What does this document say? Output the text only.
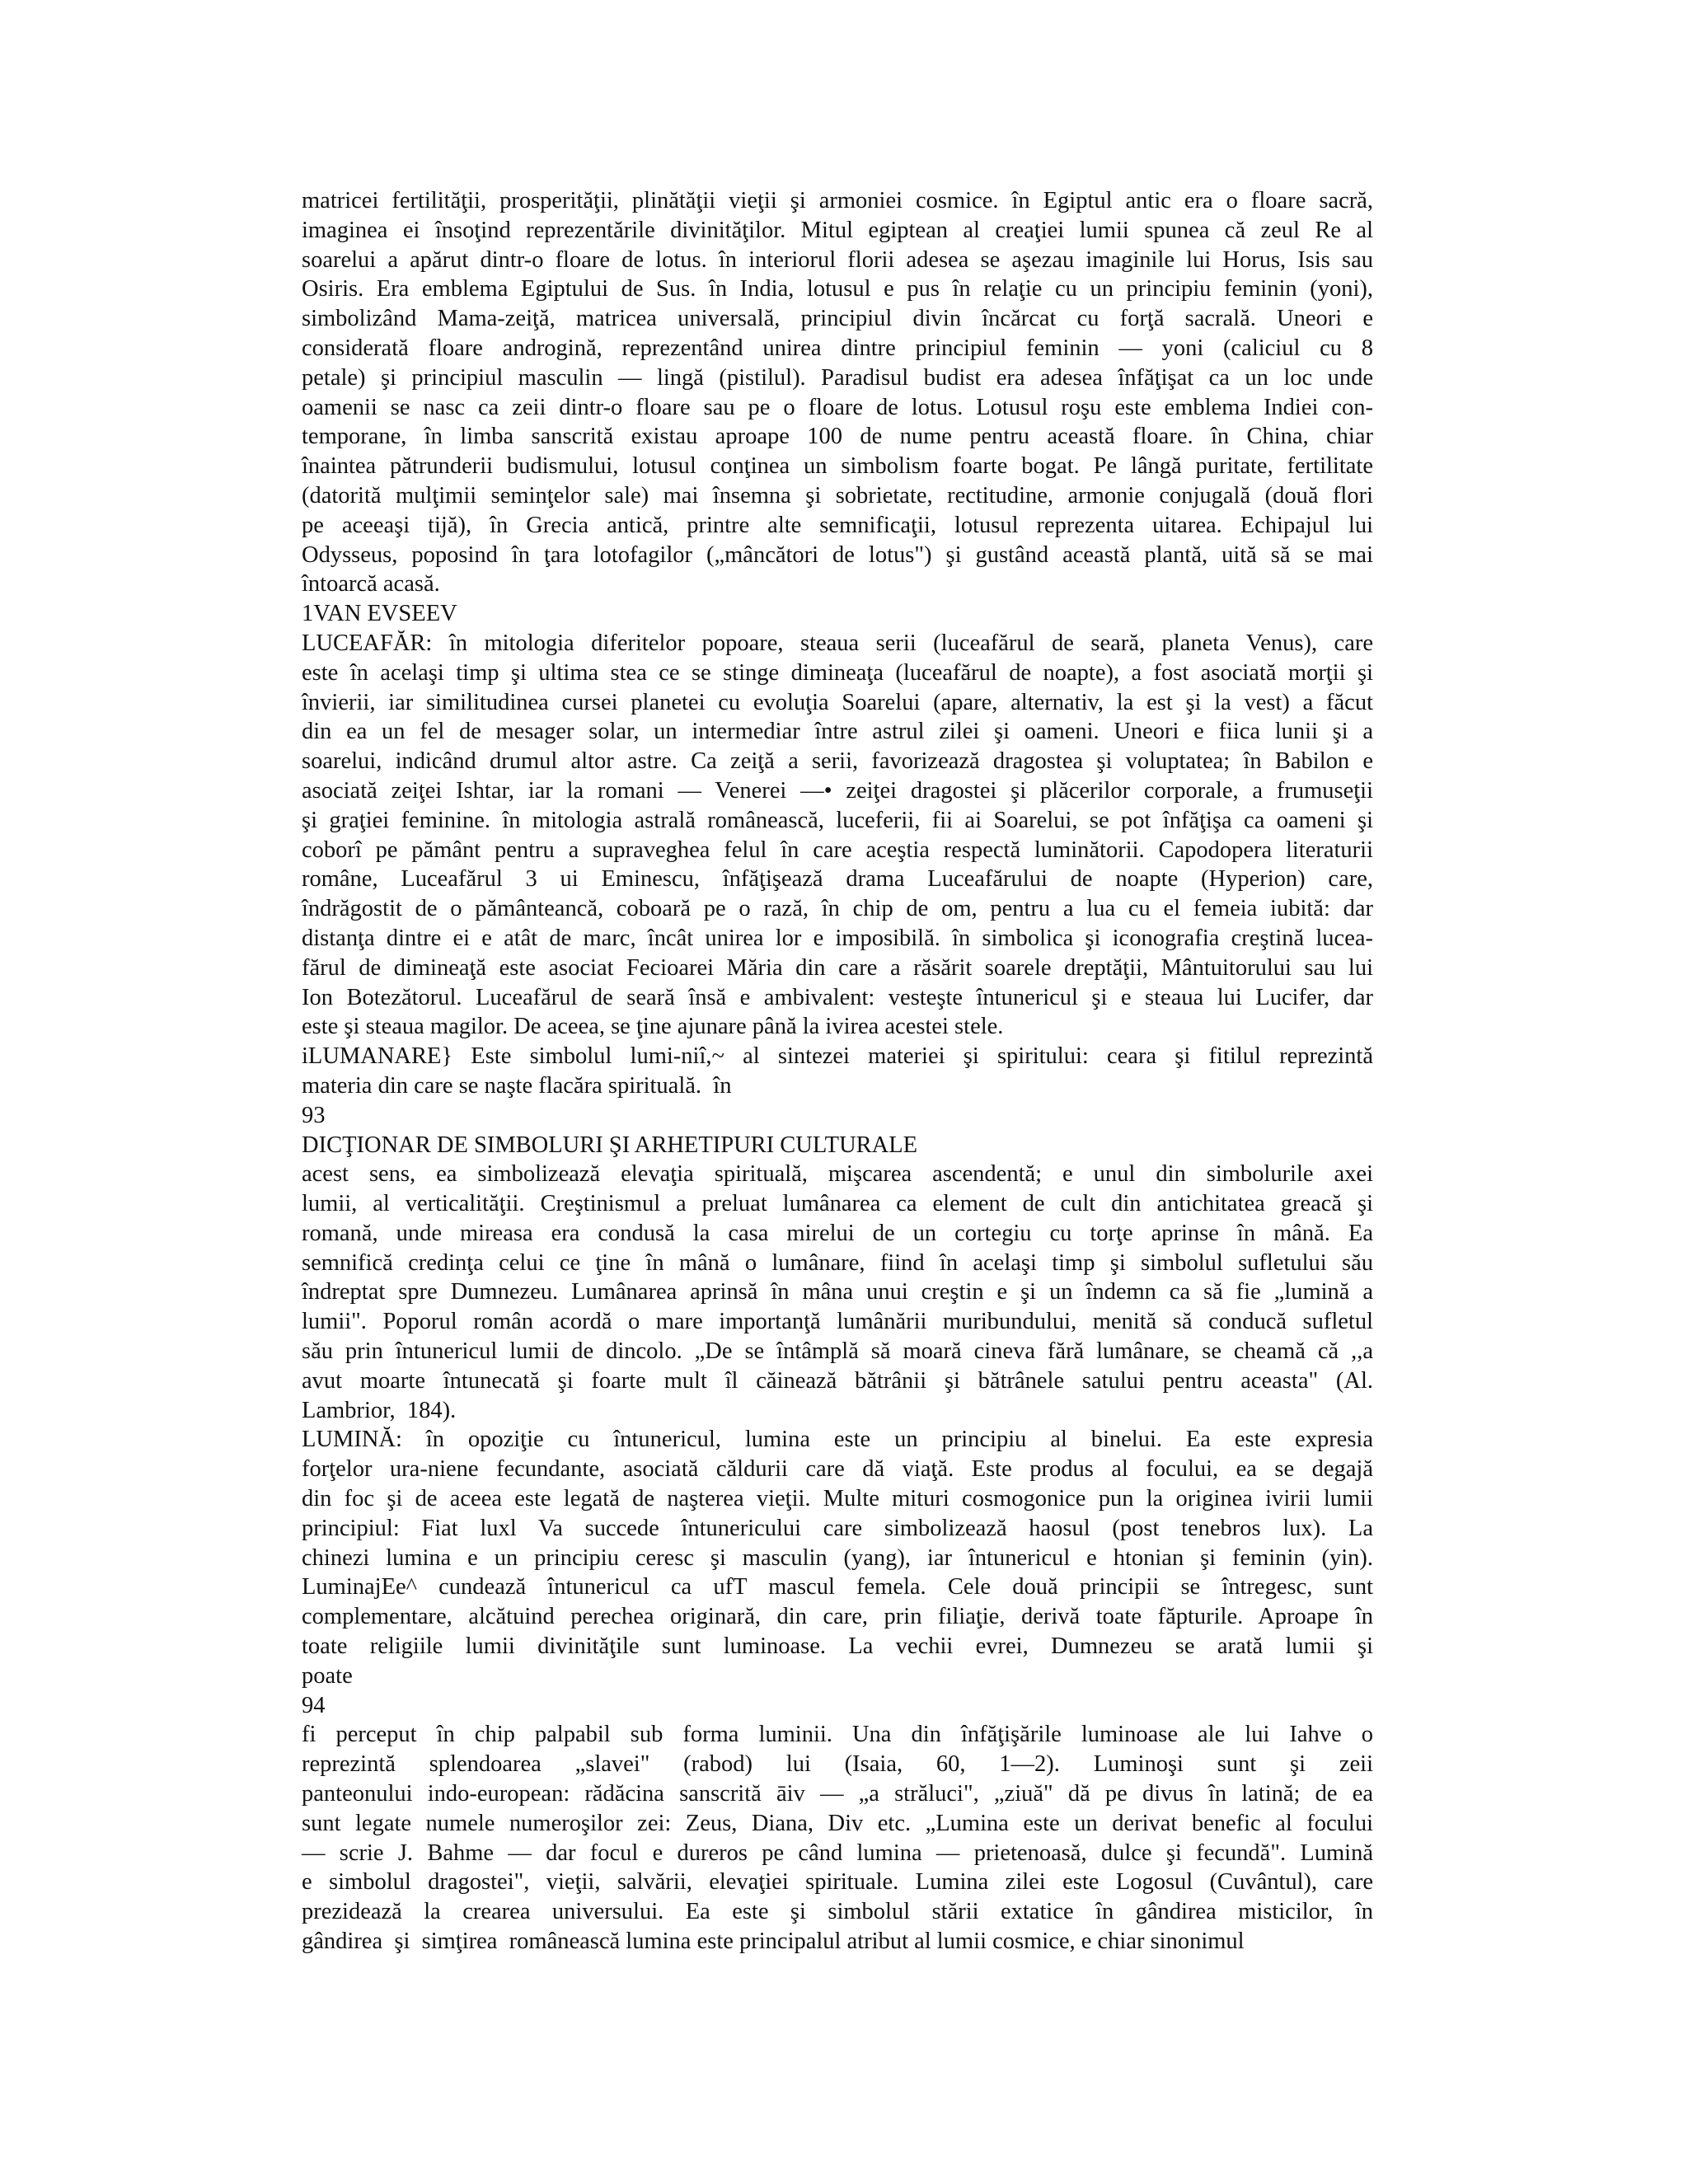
matricei fertilităţii, prosperităţii, plinătăţii vieţii şi armoniei cosmice. în Egiptul antic era o floare sacră,
imaginea ei însoţind reprezentările divinităţilor. Mitul egiptean al creaţiei lumii spunea că zeul Re al
soarelui a apărut dintr-o floare de lotus. în interiorul florii adesea se aşezau imaginile lui Horus, Isis sau
Osiris. Era emblema Egiptului de Sus. în India, lotusul e pus în relaţie cu un principiu feminin (yoni),
simbolizând Mama-zeiţă, matricea universală, principiul divin încărcat cu forţă sacrală. Uneori e
considerată floare androgină, reprezentând unirea dintre principiul feminin — yoni (caliciul cu 8
petale) şi principiul masculin — lingă (pistilul). Paradisul budist era adesea înfăţişat ca un loc unde
oamenii se nasc ca zeii dintr-o floare sau pe o floare de lotus. Lotusul roşu este emblema Indiei con-
temporane, în limba sanscrită existau aproape 100 de nume pentru această floare. în China, chiar
înaintea pătrunderii budismului, lotusul conţinea un simbolism foarte bogat. Pe lângă puritate, fertilitate
(datorită mulţimii seminţelor sale) mai însemna şi sobrietate, rectitudine, armonie conjugală (două flori
pe aceeaşi tijă), în Grecia antică, printre alte semnificaţii, lotusul reprezenta uitarea. Echipajul lui
Odysseus, poposind în ţara lotofagilor („mâncători de lotus") şi gustând această plantă, uită să se mai
întoarcă acasă.
1VAN EVSEEV
LUCEAFĂR: în mitologia diferitelor popoare, steaua serii (luceafărul de seară, planeta Venus), care
este în acelaşi timp şi ultima stea ce se stinge dimineaţa (luceafărul de noapte), a fost asociată morţii şi
învierii, iar similitudinea cursei planetei cu evoluţia Soarelui (apare, alternativ, la est şi la vest) a făcut
din ea un fel de mesager solar, un intermediar între astrul zilei şi oameni. Uneori e fiica lunii şi a
soarelui, indicând drumul altor astre. Ca zeiţă a serii, favorizează dragostea şi voluptatea; în Babilon e
asociată zeiţei Ishtar, iar la romani — Venerei —• zeiţei dragostei şi plăcerilor corporale, a frumuseţii
şi graţiei feminine. în mitologia astrală românească, luceferii, fii ai Soarelui, se pot înfăţişa ca oameni şi
coborî pe pământ pentru a supraveghea felul în care aceştia respectă luminătorii. Capodopera literaturii
române, Luceafărul 3 ui Eminescu, înfăţişează drama Luceafărului de noapte (Hyperion) care,
îndrăgostit de o pământeancă, coboară pe o rază, în chip de om, pentru a lua cu el femeia iubită: dar
distanţa dintre ei e atât de marc, încât unirea lor e imposibilă. în simbolica şi iconografia creştină lucea-
fărul de dimineaţă este asociat Fecioarei Măria din care a răsărit soarele dreptăţii, Mântuitorului sau lui
Ion Botezătorul. Luceafărul de seară însă e ambivalent: vesteşte întunericul şi e steaua lui Lucifer, dar
este şi steaua magilor. De aceea, se ţine ajunare până la ivirea acestei stele.
iLUMANARE} Este simbolul lumi-niî,~ al sintezei materiei şi spiritului: ceara şi fitilul reprezintă
materia din care se naşte flacăra spirituală.  în
93
DICŢIONAR DE SIMBOLURI ŞI ARHETIPURI CULTURALE
acest sens, ea simbolizează elevaţia spirituală, mişcarea ascendentă; e unul din simbolurile axei
lumii, al verticalităţii. Creştinismul a preluat lumânarea ca element de cult din antichitatea greacă şi
romană, unde mireasa era condusă la casa mirelui de un cortegiu cu torţe aprinse în mână. Ea
semnifică credinţa celui ce ţine în mână o lumânare, fiind în acelaşi timp şi simbolul sufletului său
îndreptat spre Dumnezeu. Lumânarea aprinsă în mâna unui creştin e şi un îndemn ca să fie „lumină a
lumii". Poporul român acordă o mare importanţă lumânării muribundului, menită să conducă sufletul
său prin întunericul lumii de dincolo. „De se întâmplă să moară cineva fără lumânare, se cheamă că ,,a
avut moarte întunecată şi foarte mult îl căinează bătrânii şi bătrânele satului pentru aceasta" (Al.
Lambrior,  184).
LUMINĂ: în opoziţie cu întunericul, lumina este un principiu al binelui. Ea este expresia
forţelor ura-niene fecundante, asociată căldurii care dă viaţă. Este produs al focului, ea se degajă
din foc şi de aceea este legată de naşterea vieţii. Multe mituri cosmogonice pun la originea ivirii lumii
principiul: Fiat luxl Va succede întunericului care simbolizează haosul (post tenebros lux). La
chinezi lumina e un principiu ceresc şi masculin (yang), iar întunericul e htonian şi feminin (yin).
LuminajEe^ cundează întunericul ca ufT mascul femela. Cele două principii se întregesc, sunt
complementare, alcătuind perechea originară, din care, prin filiaţie, derivă toate făpturile. Aproape în
toate religiile lumii divinităţile sunt luminoase. La vechii evrei, Dumnezeu se arată lumii şi
poate
94
fi perceput în chip palpabil sub forma luminii. Una din înfăţişările luminoase ale lui Iahve o
reprezintă splendoarea „slavei" (rabod) lui (Isaia, 60, 1—2). Luminoşi sunt şi zeii
panteonului indo-european: rădăcina sanscrită āiv — „a străluci", „ziuă" dă pe divus în latină; de ea
sunt legate numele numeroşilor zei: Zeus, Diana, Div etc. „Lumina este un derivat benefic al focului
— scrie J. Bahme — dar focul e dureros pe când lumina — prietenoasă, dulce şi fecundă". Lumină
e simbolul dragostei", vieţii, salvării, elevaţiei spirituale. Lumina zilei este Logosul (Cuvântul), care
prezidează la crearea universului. Ea este şi simbolul stării extatice în gândirea misticilor, în
gândirea  şi  simţirea  românească lumina este principalul atribut al lumii cosmice, e chiar sinonimul
